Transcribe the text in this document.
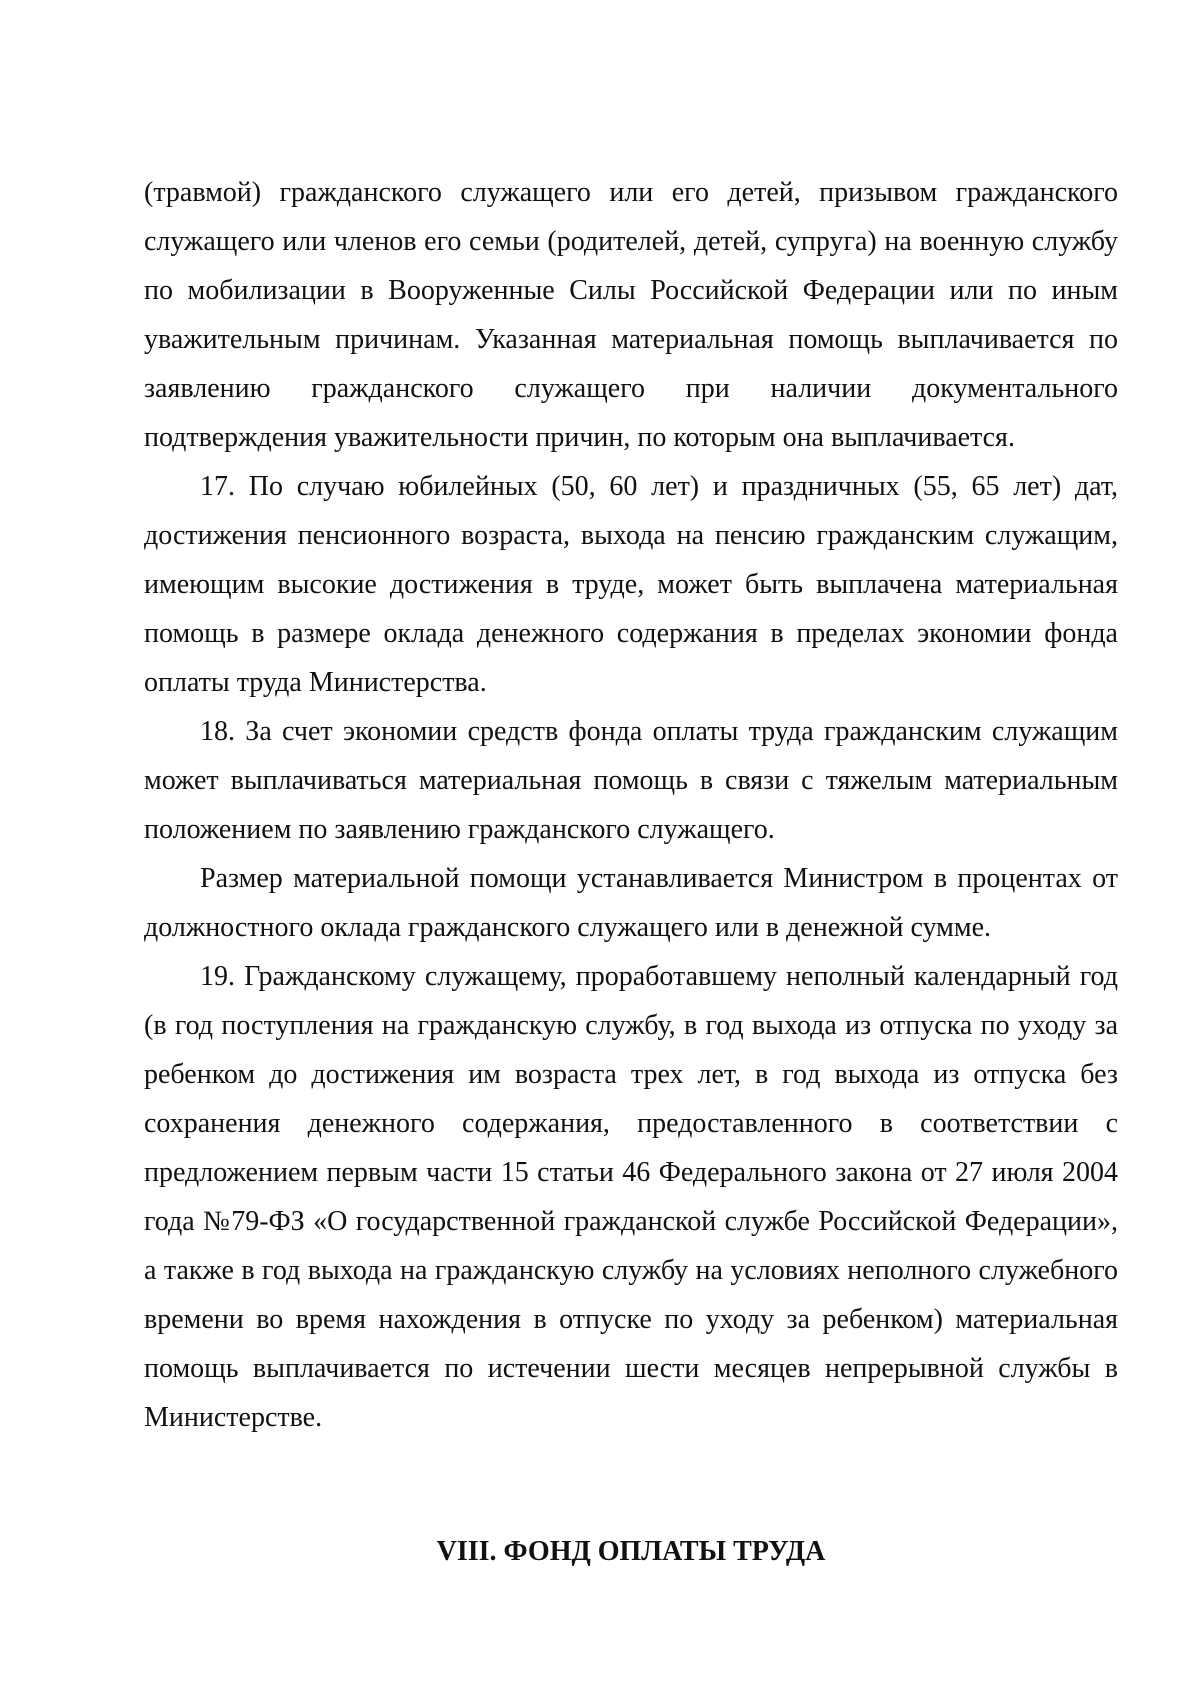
(травмой) гражданского служащего или его детей, призывом гражданского служащего или членов его семьи (родителей, детей, супруга) на военную службу по мобилизации в Вооруженные Силы Российской Федерации или по иным уважительным причинам. Указанная материальная помощь выплачивается по заявлению гражданского служащего при наличии документального подтверждения уважительности причин, по которым она выплачивается.

17. По случаю юбилейных (50, 60 лет) и праздничных (55, 65 лет) дат, достижения пенсионного возраста, выхода на пенсию гражданским служащим, имеющим высокие достижения в труде, может быть выплачена материальная помощь в размере оклада денежного содержания в пределах экономии фонда оплаты труда Министерства.

18. За счет экономии средств фонда оплаты труда гражданским служащим может выплачиваться материальная помощь в связи с тяжелым материальным положением по заявлению гражданского служащего.

Размер материальной помощи устанавливается Министром в процентах от должностного оклада гражданского служащего или в денежной сумме.

19. Гражданскому служащему, проработавшему неполный календарный год (в год поступления на гражданскую службу, в год выхода из отпуска по уходу за ребенком до достижения им возраста трех лет, в год выхода из отпуска без сохранения денежного содержания, предоставленного в соответствии с предложением первым части 15 статьи 46 Федерального закона от 27 июля 2004 года №79-ФЗ «О государственной гражданской службе Российской Федерации», а также в год выхода на гражданскую службу на условиях неполного служебного времени во время нахождения в отпуске по уходу за ребенком) материальная помощь выплачивается по истечении шести месяцев непрерывной службы в Министерстве.

VIII. ФОНД ОПЛАТЫ ТРУДА
